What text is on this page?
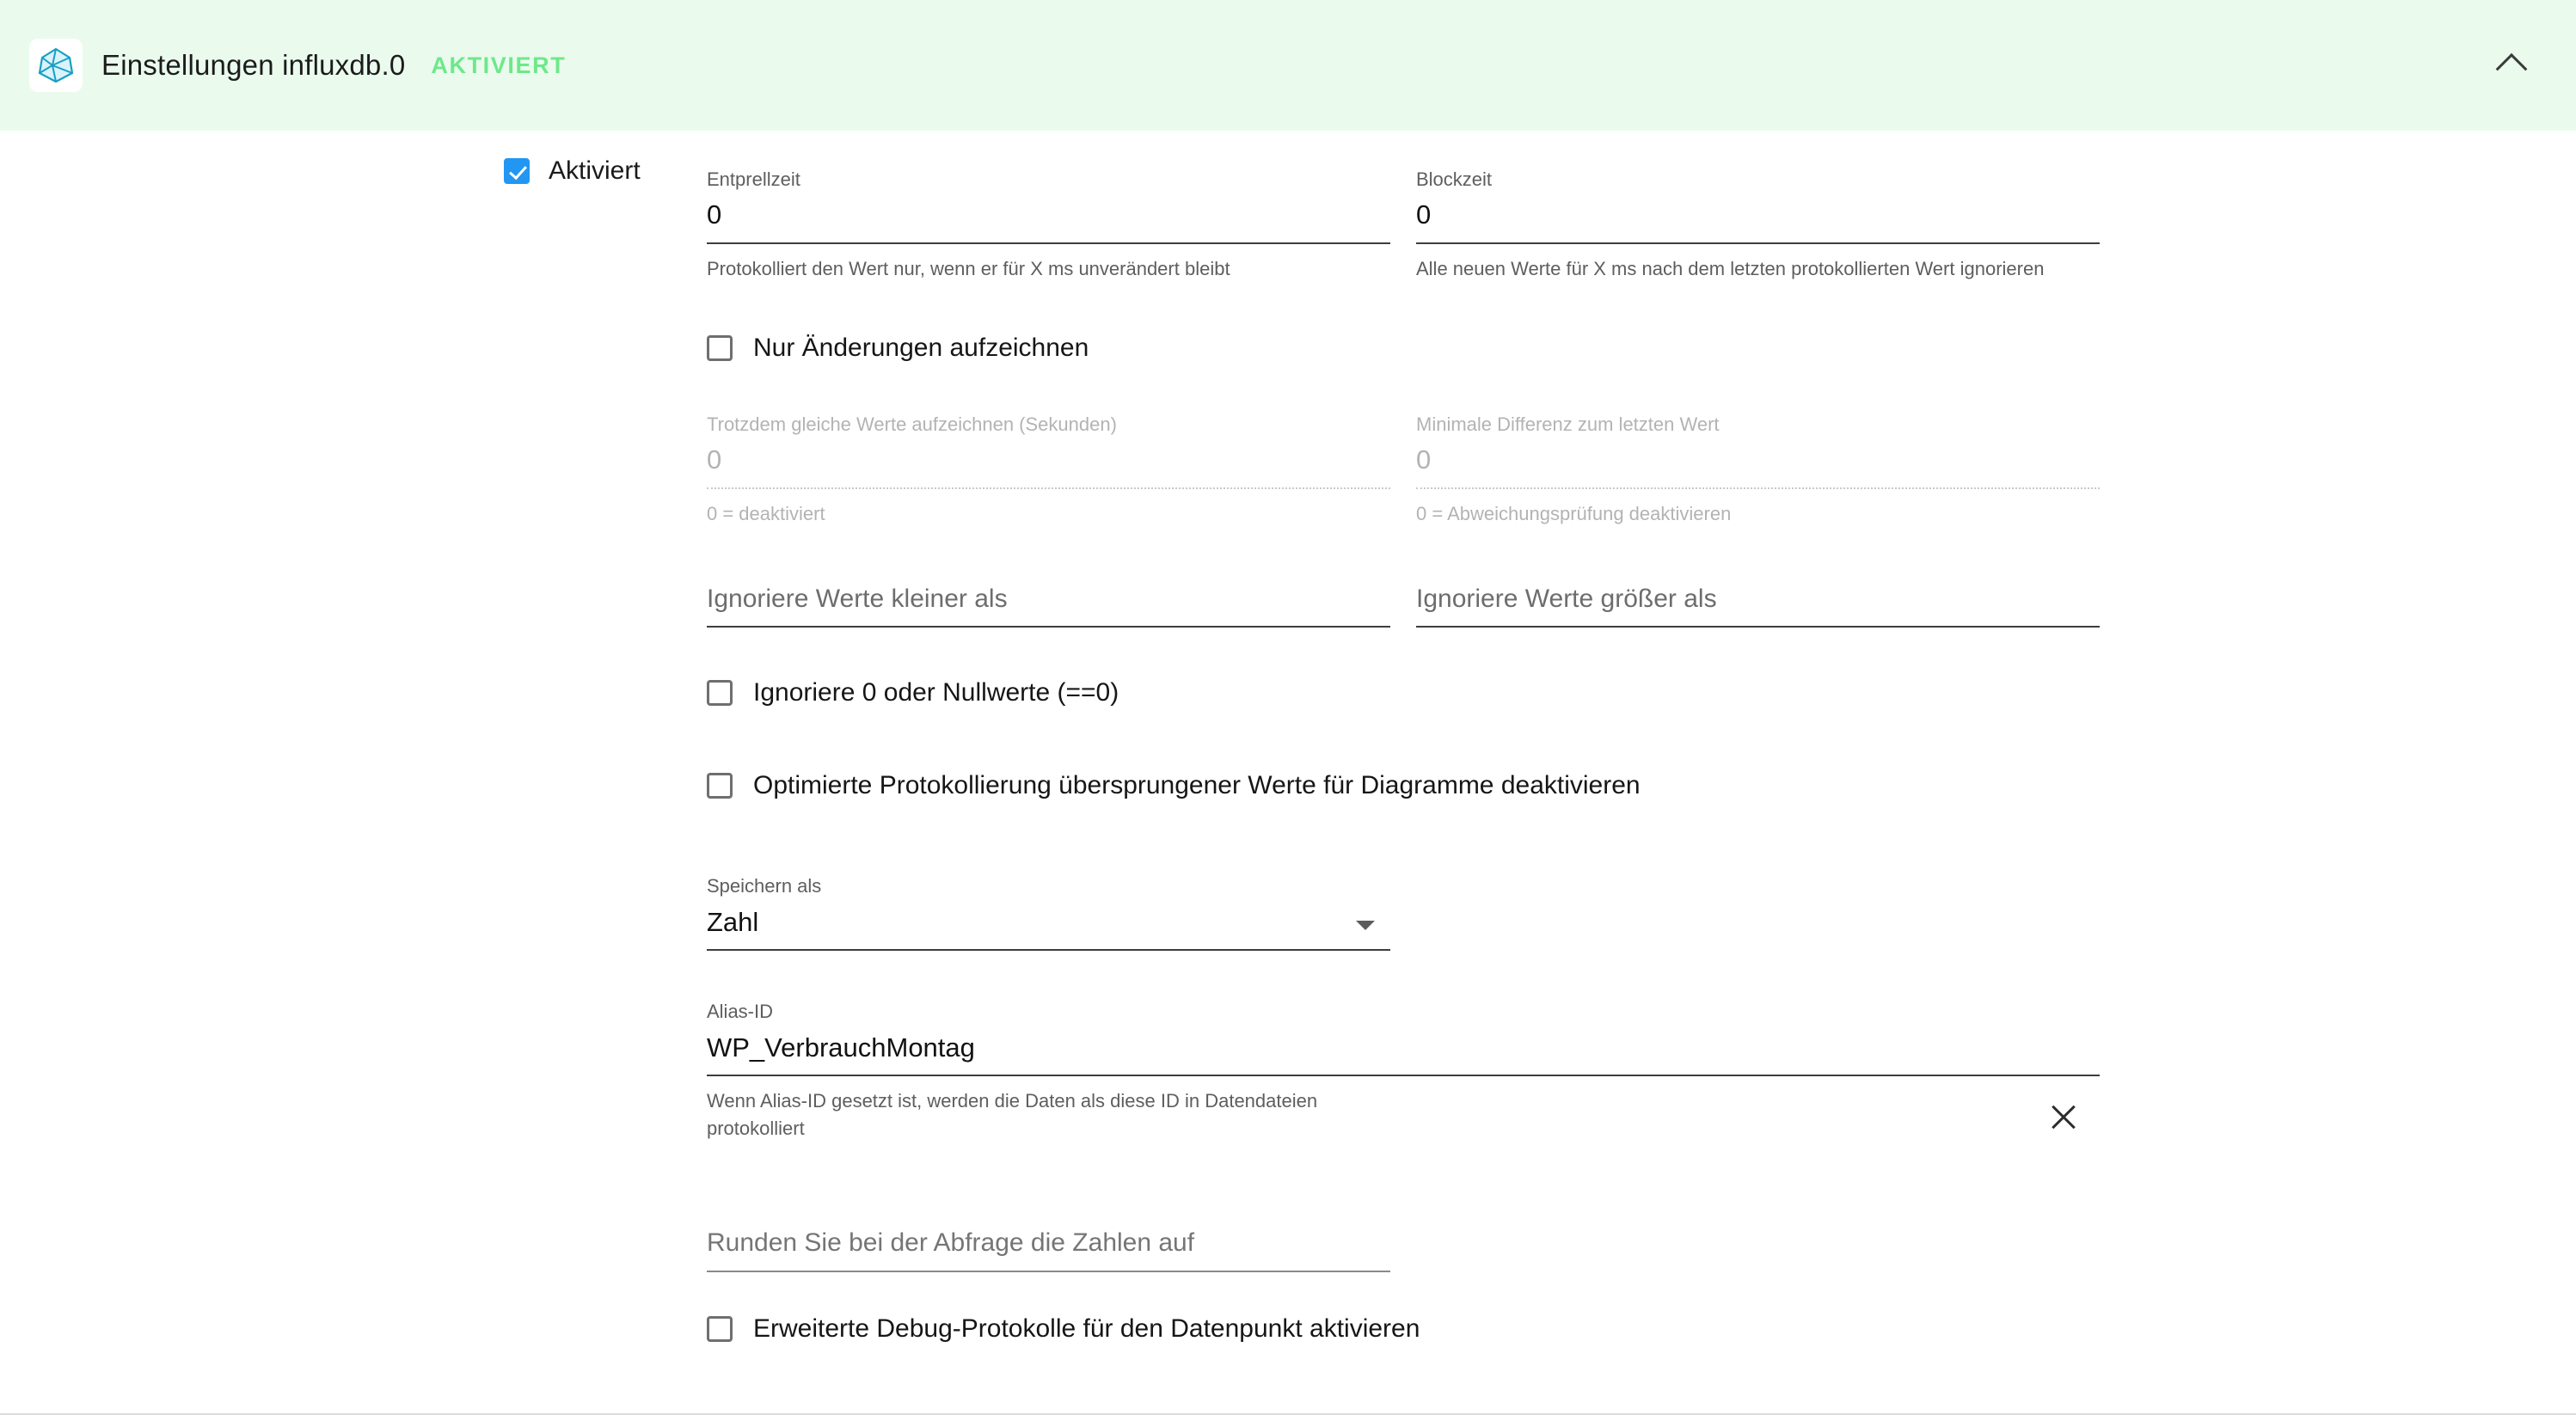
Einstellungen influxdb.0 AKTIVIERT
Aktiviert	Entprellzeit
0
Protokolliert den Wert nur, wenn er für X ms unverändert bleibt
Blockzeit
0
Alle neuen Werte für X ms nach dem letzten protokollierten Wert ignorieren
Nur Änderungen aufzeichnen
Trotzdem gleiche Werte aufzeichnen (Sekunden)
0
0 = deaktiviert
Minimale Differenz zum letzten Wert
0
0 = Abweichungsprüfung deaktivieren
Ignoriere Werte kleiner als	Ignoriere Werte größer als
Ignoriere 0 oder Nullwerte (==0)
Optimierte Protokollierung übersprungener Werte für Diagramme deaktivieren
Speichern als
Zahl
Alias-ID
WP_VerbrauchMontag
Wenn Alias-ID gesetzt ist, werden die Daten als diese ID in Datendateien protokolliert
Runden Sie bei der Abfrage die Zahlen auf
Erweiterte Debug-Protokolle für den Datenpunkt aktivieren
